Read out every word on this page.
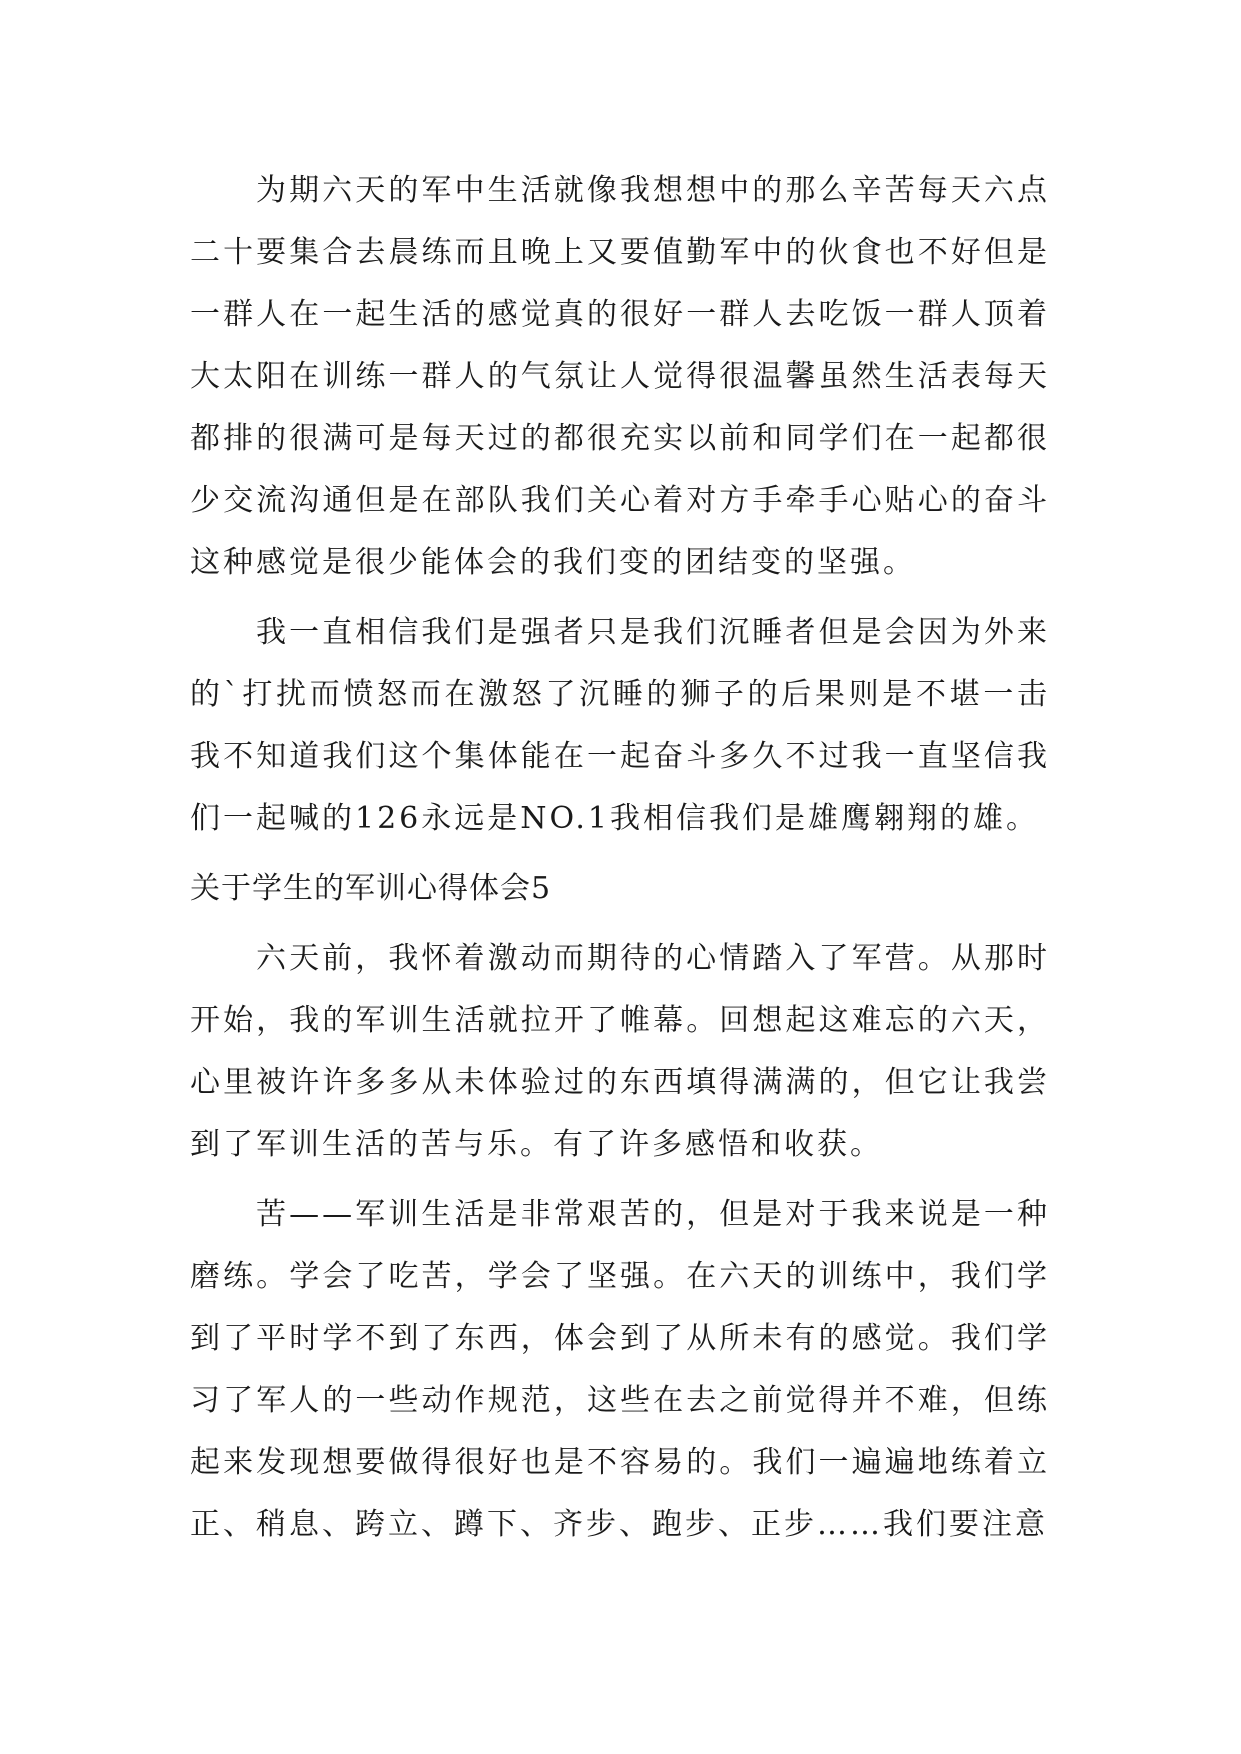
为期六天的军中生活就像我想想中的那么辛苦每天六点二十要集合去晨练而且晚上又要值勤军中的伙食也不好但是一群人在一起生活的感觉真的很好一群人去吃饭一群人顶着大太阳在训练一群人的气氛让人觉得很温馨虽然生活表每天都排的很满可是每天过的都很充实以前和同学们在一起都很少交流沟通但是在部队我们关心着对方手牵手心贴心的奋斗这种感觉是很少能体会的我们变的团结变的坚强。

我一直相信我们是强者只是我们沉睡者但是会因为外来的`打扰而愤怒而在激怒了沉睡的狮子的后果则是不堪一击我不知道我们这个集体能在一起奋斗多久不过我一直坚信我们一起喊的126永远是NO.1我相信我们是雄鹰翱翔的雄。

关于学生的军训心得体会5

六天前，我怀着激动而期待的心情踏入了军营。从那时开始，我的军训生活就拉开了帷幕。回想起这难忘的六天，心里被许许多多从未体验过的东西填得满满的，但它让我尝到了军训生活的苦与乐。有了许多感悟和收获。

苦——军训生活是非常艰苦的，但是对于我来说是一种磨练。学会了吃苦，学会了坚强。在六天的训练中，我们学到了平时学不到了东西，体会到了从所未有的感觉。我们学习了军人的一些动作规范，这些在去之前觉得并不难，但练起来发现想要做得很好也是不容易的。我们一遍遍地练着立正、稍息、跨立、蹲下、齐步、跑步、正步……我们要注意
